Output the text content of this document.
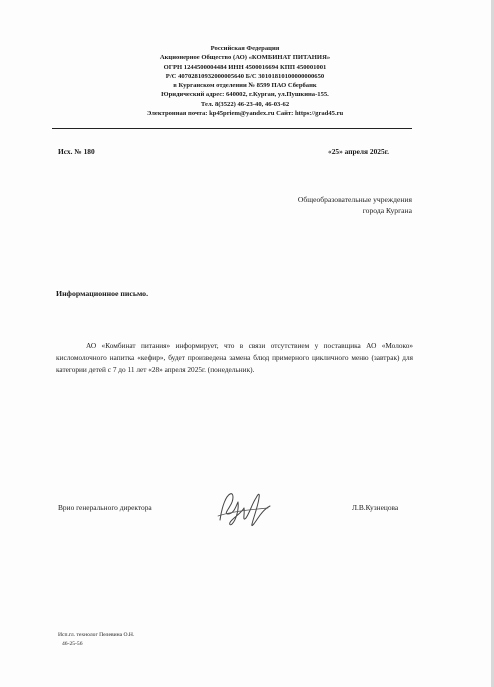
Российская Федерация
Акционерное Общество (АО) «КОМБИНАТ ПИТАНИЯ»
ОГРН 1244500004484 ИНН 4500016694 КПП 450001001
Р/С 40702810932000005640 Б/С 30101810100000000650
в Курганском отделении № 8599 ПАО Сбербанк
Юридический адрес: 640002, г.Курган, ул.Пушкина-155.
Тел. 8(3522) 46-23-40, 46-03-62
Электронная почта: kp45priem@yandex.ru Сайт: https://grad45.ru
Исх. № 180	«25» апреля 2025г.
Общеобразовательные учреждения
города Кургана
Информационное письмо.
АО «Комбинат питания» информирует, что в связи отсутствием у поставщика АО «Молоко» кисломолочного напитка «кефир», будет произведена замена блюд примерного цикличного меню (завтрак) для категории детей с 7 до 11 лет «28» апреля 2025г. (понедельник).
Врио генерального директора	Л.В.Кузнецова
Исп.гл. технолог Пелевина О.Н.
46-25-56
